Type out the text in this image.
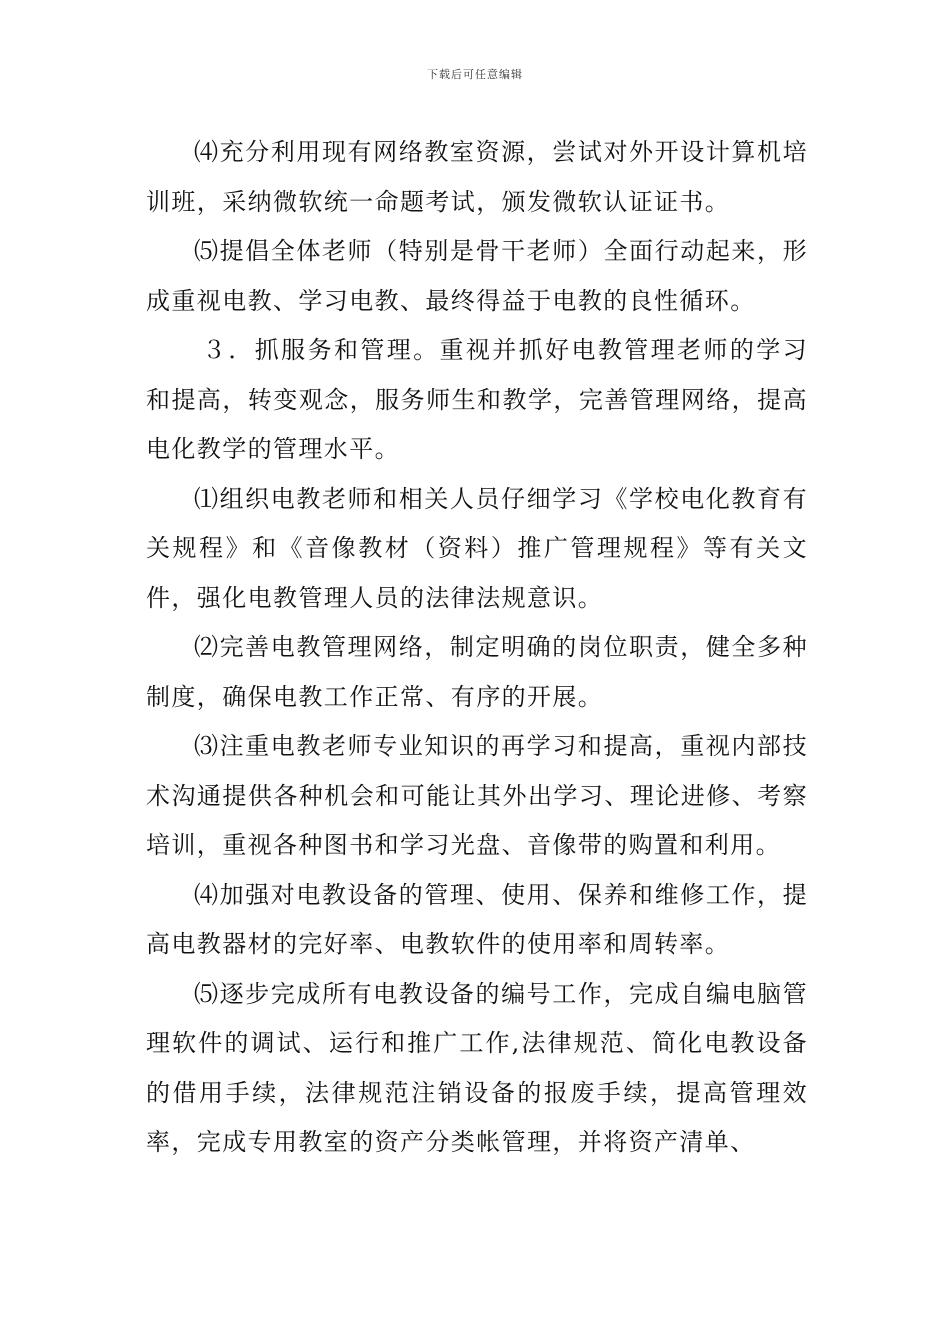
下载后可任意编辑

⑷充分利用现有网络教室资源，尝试对外开设计算机培训班，采纳微软统一命题考试，颁发微软认证证书。

⑸提倡全体老师（特别是骨干老师）全面行动起来，形成重视电教、学习电教、最终得益于电教的良性循环。

３．抓服务和管理。重视并抓好电教管理老师的学习和提高，转变观念，服务师生和教学，完善管理网络，提高电化教学的管理水平。

⑴组织电教老师和相关人员仔细学习《学校电化教育有关规程》和《音像教材（资料）推广管理规程》等有关文件，强化电教管理人员的法律法规意识。

⑵完善电教管理网络，制定明确的岗位职责，健全多种制度，确保电教工作正常、有序的开展。

⑶注重电教老师专业知识的再学习和提高，重视内部技术沟通提供各种机会和可能让其外出学习、理论进修、考察培训，重视各种图书和学习光盘、音像带的购置和利用。

⑷加强对电教设备的管理、使用、保养和维修工作，提高电教器材的完好率、电教软件的使用率和周转率。

⑸逐步完成所有电教设备的编号工作，完成自编电脑管理软件的调试、运行和推广工作,法律规范、简化电教设备的借用手续，法律规范注销设备的报废手续，提高管理效率，完成专用教室的资产分类帐管理，并将资产清单、
